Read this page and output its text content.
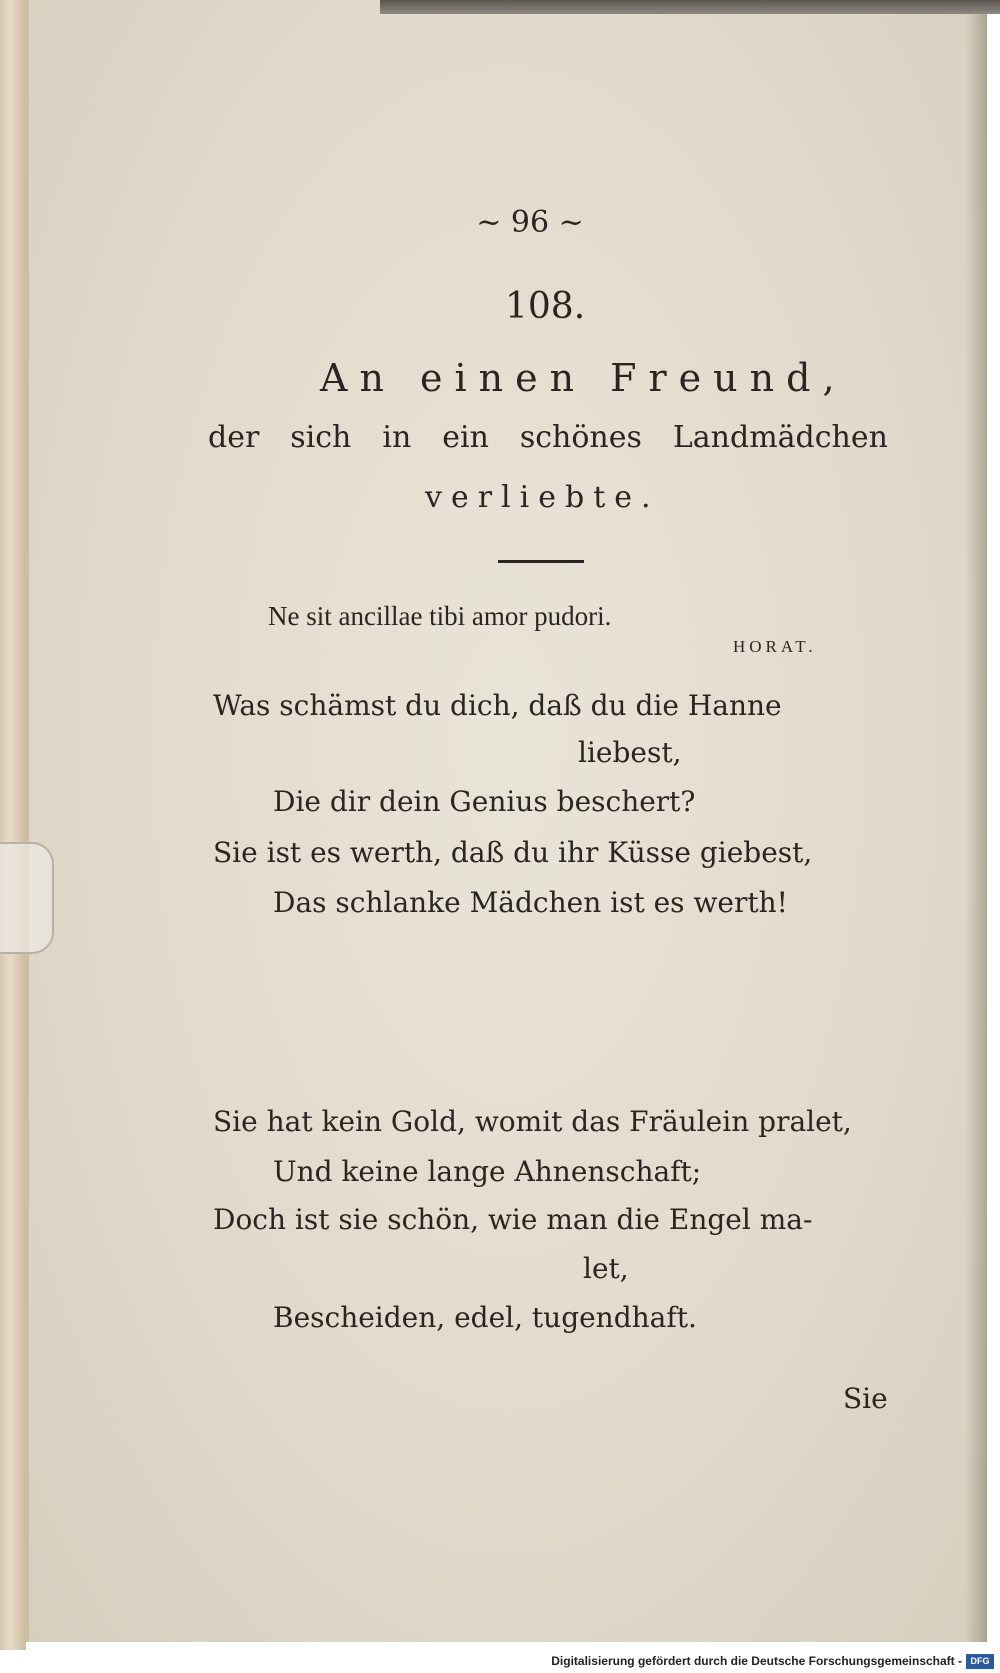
~ 96 ~
108.
An einen Freund,
der sich in ein schönes Landmädchen
verliebte.
Ne sit ancillae tibi amor pudori.
HORAT.
Was schämst du dich, daß du die Hanne
liebest,
Die dir dein Genius beschert?
Sie ist es werth, daß du ihr Küsse giebest,
Das schlanke Mädchen ist es werth!
Sie hat kein Gold, womit das Fräulein pralet,
Und keine lange Ahnenschaft;
Doch ist sie schön, wie man die Engel ma-
let,
Bescheiden, edel, tugendhaft.
Sie
Digitalisierung gefördert durch die Deutsche Forschungsgemeinschaft - DFG
